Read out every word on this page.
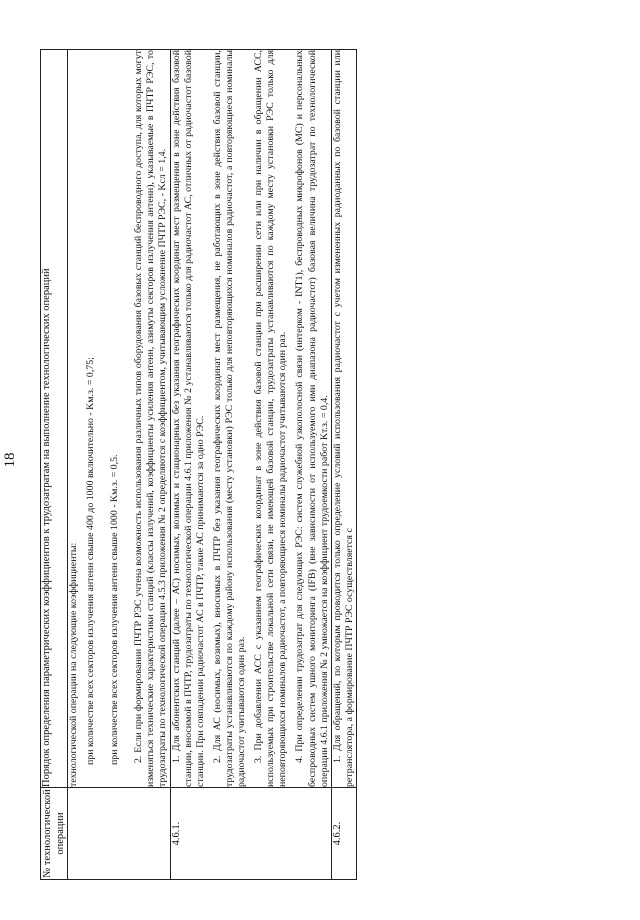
18
№ технологической операции	Порядок определения параметрических коэффициентов к трудозатратам на выполнение технологических операций

	технологической операции на следующие коэффициенты: при количестве всех секторов излучения антенн свыше 400 до 1000 включительно - Kм.з. = 0,75; при количестве всех секторов излучения антенн свыше 1000 - Kм.з. = 0,5. 2. Если при формировании ПЧТР РЭС учтена возможность использования различных типов оборудования базовых станций беспроводного доступа, для которых могут изменяться технические характеристики станций (классы излучений, коэффициенты усиления антенн, азимуты секторов излучения антенн), указываемые в ПЧТР РЭС, то трудозатраты по технологической операции 4.5.3 приложения № 2 определяются с коэффициентом, учитывающим усложнение ПЧТР РЭС, - Kсл = 1,4.

4.6.1.	1. Для абонентских станций (далее – АС) носимых, возимых и стационарных без указания географических координат мест размещения в зоне действия базовой станции, вносимой в ПЧТР, трудозатраты по технологической операции 4.6.1 приложения № 2 устанавливаются только для радиочастот АС, отличных от радиочастот базовой станции. При совпадении радиочастот АС в ПЧТР, такие АС принимаются за одно РЭС. 2. Для АС (носимых, возимых), вносимых в ПЧТР без указания географических координат мест размещения, не работающих в зоне действия базовой станции, трудозатраты устанавливаются по каждому району использования (месту установки) РЭС только для неповторяющихся номиналов радиочастот, а повторяющиеся номиналы радиочастот учитываются один раз. 3. При добавлении АСС с указанием географических координат в зоне действия базовой станции при расширении сети или при наличии в обращении АСС, используемых при строительстве локальной сети связи, не имеющей базовой станции, трудозатраты устанавливаются по каждому месту установки РЭС только для неповторяющихся номиналов радиочастот, а повторяющиеся номиналы радиочастот учитываются один раз. 4. При определении трудозатрат для следующих РЭС: систем служебной узкополосной связи (интерком - INT1), беспроводных микрофонов (МС) и персональных беспроводных систем ушного мониторинга (IFB) (вне зависимости от используемого ими диапазона радиочастот) базовая величина трудозатрат по технологической операции 4.6.1 приложения № 2 умножается на коэффициент трудоемкости работ Kт.з. = 0,4.

4.6.2.	1. Для обращений, по которым проводится только определение условий использования радиочастот с учетом измененных радиоданных по базовой станции или ретранслятора, а формирование ПЧТР РЭС осуществляется с
